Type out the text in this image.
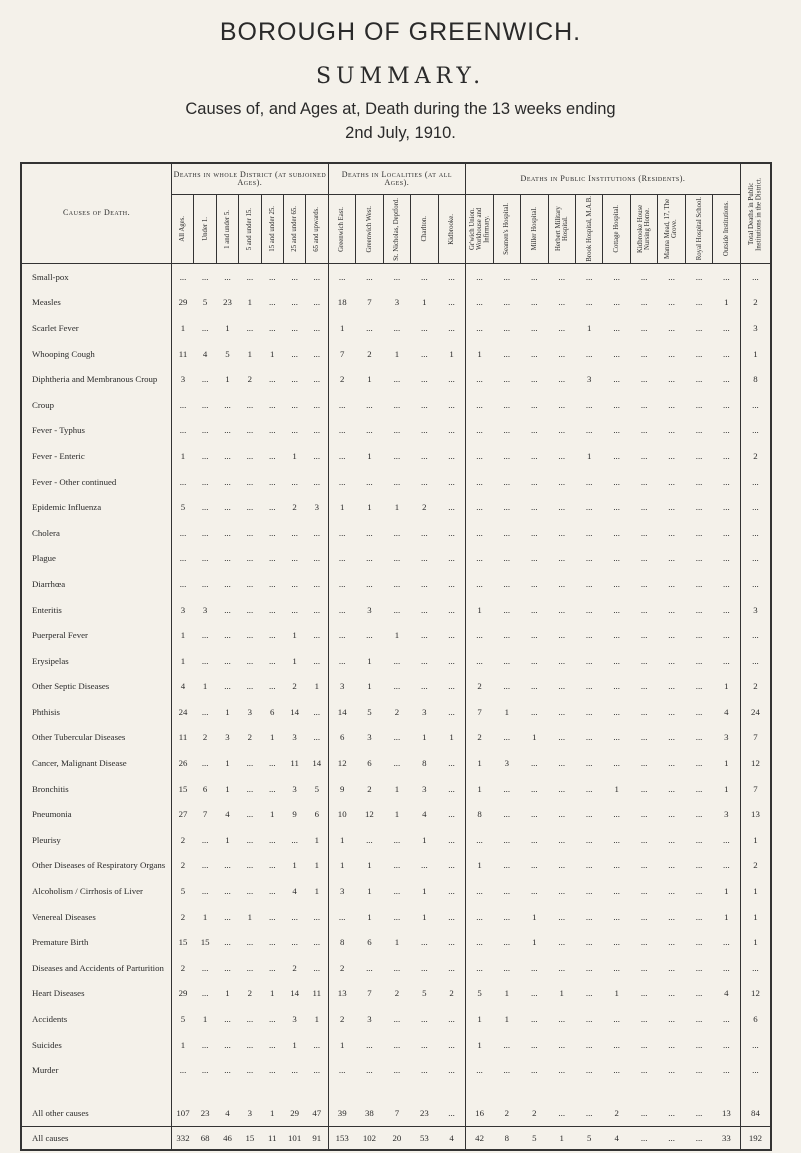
BOROUGH OF GREENWICH.
SUMMARY.
Causes of, and Ages at, Death during the 13 weeks ending
2nd July, 1910.
Causes of Death.	Deaths in whole District (at subjoined Ages).							Deaths in Localities (at all Ages).					Deaths in Public Institutions (Residents).										Total Deaths in Public Institutions in the District.

	All Ages.	Under 1.	1 and under 5.	5 and under 15.	15 and under 25.	25 and under 65.	65 and upwards.	Greenwich East.	Greenwich West.	St. Nicholas, Deptford.	Charlton.	Kidbrooke.	Gr'wich Union. Workhouse and Infirmary.	Seamen's Hospital.	Miller Hospital.	Herbert Military Hospital.	Brook Hospital, M.A.B.	Cottage Hospital.	Kidbrooke House Nursing Home.	Manna Mead, 17, The Grove.	Royal Hospital School.	Outside Institutions.	

Small-pox	...	...	...	...	...	...	...	...	...	...	...	...	...	...	...	...	...	...	...	...	...	...	...
Measles	29	5	23	1	...	...	...	18	7	3	1	...	...	...	...	...	...	...	...	...	...	1	2
Scarlet Fever	1	...	1	...	...	...	...	1	...	...	...	...	...	...	...	...	1	...	...	...	...	...	3
Whooping Cough	11	4	5	1	1	...	...	7	2	1	...	1	1	...	...	...	...	...	...	...	...	...	1
Diphtheria and Membranous Croup	3	...	1	2	...	...	...	2	1	...	...	...	...	...	...	...	3	...	...	...	...	...	8
Croup	...	...	...	...	...	...	...	...	...	...	...	...	...	...	...	...	...	...	...	...	...	...	...
Fever - Typhus	...	...	...	...	...	...	...	...	...	...	...	...	...	...	...	...	...	...	...	...	...	...	...
Fever - Enteric	1	...	...	...	...	1	...	...	1	...	...	...	...	...	...	...	1	...	...	...	...	...	2
Fever - Other continued	...	...	...	...	...	...	...	...	...	...	...	...	...	...	...	...	...	...	...	...	...	...	...
Epidemic Influenza	5	...	...	...	...	2	3	1	1	1	2	...	...	...	...	...	...	...	...	...	...	...	...
Cholera	...	...	...	...	...	...	...	...	...	...	...	...	...	...	...	...	...	...	...	...	...	...	...
Plague	...	...	...	...	...	...	...	...	...	...	...	...	...	...	...	...	...	...	...	...	...	...	...
Diarrhœa	...	...	...	...	...	...	...	...	...	...	...	...	...	...	...	...	...	...	...	...	...	...	...
Enteritis	3	3	...	...	...	...	...	...	3	...	...	...	1	...	...	...	...	...	...	...	...	...	3
Puerperal Fever	1	...	...	...	...	1	...	...	...	1	...	...	...	...	...	...	...	...	...	...	...	...	...
Erysipelas	1	...	...	...	...	1	...	...	1	...	...	...	...	...	...	...	...	...	...	...	...	...	...
Other Septic Diseases	4	1	...	...	...	2	1	3	1	...	...	...	2	...	...	...	...	...	...	...	...	1	2
Phthisis	24	...	1	3	6	14	...	14	5	2	3	...	7	1	...	...	...	...	...	...	...	4	24
Other Tubercular Diseases	11	2	3	2	1	3	...	6	3	...	1	1	2	...	1	...	...	...	...	...	...	3	7
Cancer, Malignant Disease	26	...	1	...	...	11	14	12	6	...	8	...	1	3	...	...	...	...	...	...	...	1	12
Bronchitis	15	6	1	...	...	3	5	9	2	1	3	...	1	...	...	...	...	1	...	...	...	1	7
Pneumonia	27	7	4	...	1	9	6	10	12	1	4	...	8	...	...	...	...	...	...	...	...	3	13
Pleurisy	2	...	1	...	...	...	1	1	...	...	1	...	...	...	...	...	...	...	...	...	...	...	1
Other Diseases of Respiratory Organs	2	...	...	...	...	1	1	1	1	...	...	...	1	...	...	...	...	...	...	...	...	...	2
Alcoholism / Cirrhosis of Liver	5	...	...	...	...	4	1	3	1	...	1	...	...	...	...	...	...	...	...	...	...	1	1
Venereal Diseases	2	1	...	1	...	...	...	...	1	...	1	...	...	...	1	...	...	...	...	...	...	1	1
Premature Birth	15	15	...	...	...	...	...	8	6	1	...	...	...	...	1	...	...	...	...	...	...	...	1
Diseases and Accidents of Parturition	2	...	...	...	...	2	...	2	...	...	...	...	...	...	...	...	...	...	...	...	...	...	...
Heart Diseases	29	...	1	2	1	14	11	13	7	2	5	2	5	1	...	1	...	1	...	...	...	4	12
Accidents	5	1	...	...	...	3	1	2	3	...	...	...	1	1	...	...	...	...	...	...	...	...	6
Suicides	1	...	...	...	...	1	...	1	...	...	...	...	1	...	...	...	...	...	...	...	...	...	...
Murder	...	...	...	...	...	...	...	...	...	...	...	...	...	...	...	...	...	...	...	...	...	...	...

All other causes	107	23	4	3	1	29	47	39	38	7	23	...	16	2	2	...	...	2	...	...	...	13	84
All causes	332	68	46	15	11	101	91	153	102	20	53	4	42	8	5	1	5	4	...	...	...	33	192
